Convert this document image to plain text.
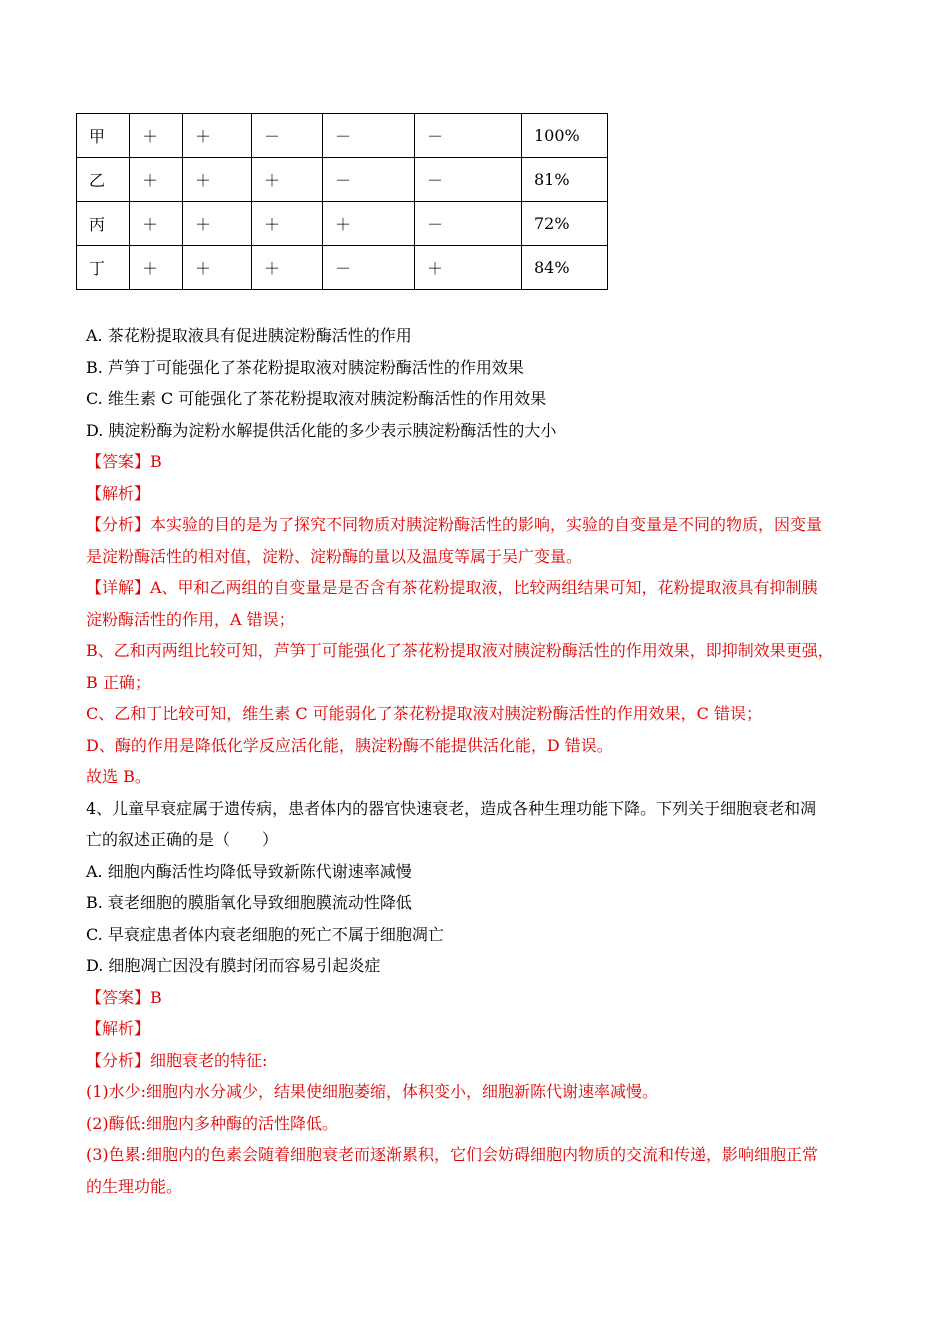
甲	＋	＋	－	－	－	100%
乙	＋	＋	＋	－	－	81%
丙	＋	＋	＋	＋	－	72%
丁	＋	＋	＋	－	＋	84%
A. 茶花粉提取液具有促进胰淀粉酶活性的作用
B. 芦笋丁可能强化了茶花粉提取液对胰淀粉酶活性的作用效果
C. 维生素 C 可能强化了茶花粉提取液对胰淀粉酶活性的作用效果
D. 胰淀粉酶为淀粉水解提供活化能的多少表示胰淀粉酶活性的大小
【答案】B
【解析】
【分析】本实验的目的是为了探究不同物质对胰淀粉酶活性的影响，实验的自变量是不同的物质，因变量
是淀粉酶活性的相对值，淀粉、淀粉酶的量以及温度等属于吴广变量。
【详解】A、甲和乙两组的自变量是是否含有茶花粉提取液，比较两组结果可知，花粉提取液具有抑制胰
淀粉酶活性的作用，A 错误；
B、乙和丙两组比较可知，芦笋丁可能强化了茶花粉提取液对胰淀粉酶活性的作用效果，即抑制效果更强，
B 正确；
C、乙和丁比较可知，维生素 C 可能弱化了茶花粉提取液对胰淀粉酶活性的作用效果，C 错误；
D、酶的作用是降低化学反应活化能，胰淀粉酶不能提供活化能，D 错误。
故选 B。
4、儿童早衰症属于遗传病，患者体内的器官快速衰老，造成各种生理功能下降。下列关于细胞衰老和凋
亡的叙述正确的是（　　）
A. 细胞内酶活性均降低导致新陈代谢速率减慢
B. 衰老细胞的膜脂氧化导致细胞膜流动性降低
C. 早衰症患者体内衰老细胞的死亡不属于细胞凋亡
D. 细胞凋亡因没有膜封闭而容易引起炎症
【答案】B
【解析】
【分析】细胞衰老的特征:
(1)水少:细胞内水分减少，结果使细胞萎缩，体积变小，细胞新陈代谢速率减慢。
(2)酶低:细胞内多种酶的活性降低。
(3)色累:细胞内的色素会随着细胞衰老而逐渐累积，它们会妨碍细胞内物质的交流和传递，影响细胞正常
的生理功能。
